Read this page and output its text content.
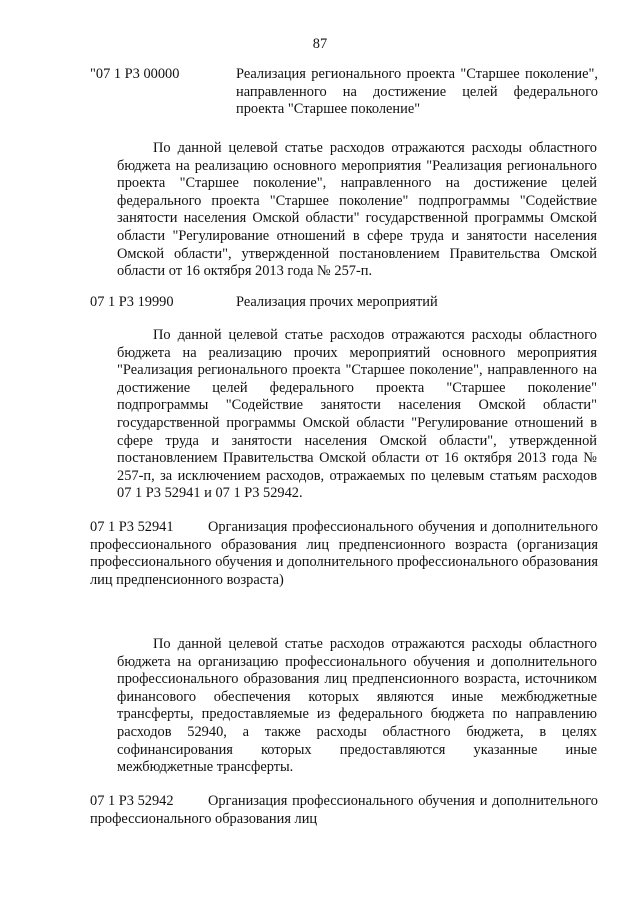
87
"07 1 P3 00000	Реализация регионального проекта "Старшее поколение", направленного на достижение целей федерального проекта "Старшее поколение"

По данной целевой статье расходов отражаются расходы областного бюджета на реализацию основного мероприятия "Реализация регионального проекта "Старшее поколение", направленного на достижение целей федерального проекта "Старшее поколение" подпрограммы "Содействие занятости населения Омской области" государственной программы Омской области "Регулирование отношений в сфере труда и занятости населения Омской области", утвержденной постановлением Правительства Омской области от 16 октября 2013 года № 257-п.

07 1 P3 19990	Реализация прочих мероприятий

По данной целевой статье расходов отражаются расходы областного бюджета на реализацию прочих мероприятий основного мероприятия "Реализация регионального проекта "Старшее поколение", направленного на достижение целей федерального проекта "Старшее поколение" подпрограммы "Содействие занятости населения Омской области" государственной программы Омской области "Регулирование отношений в сфере труда и занятости населения Омской области", утвержденной постановлением Правительства Омской области от 16 октября 2013 года № 257-п, за исключением расходов, отражаемых по целевым статьям расходов 07 1 P3 52941 и 07 1 P3 52942.

07 1 P3 52941	Организация профессионального обучения и дополнительного профессионального образования лиц предпенсионного возраста (организация профессионального обучения и дополнительного профессионального образования лиц предпенсионного возраста)

По данной целевой статье расходов отражаются расходы областного бюджета на организацию профессионального обучения и дополнительного профессионального образования лиц предпенсионного возраста, источником финансового обеспечения которых являются иные межбюджетные трансферты, предоставляемые из федерального бюджета по направлению расходов 52940, а также расходы областного бюджета, в целях софинансирования которых предоставляются указанные иные межбюджетные трансферты.

07 1 P3 52942	Организация профессионального обучения и дополнительного профессионального образования лиц
